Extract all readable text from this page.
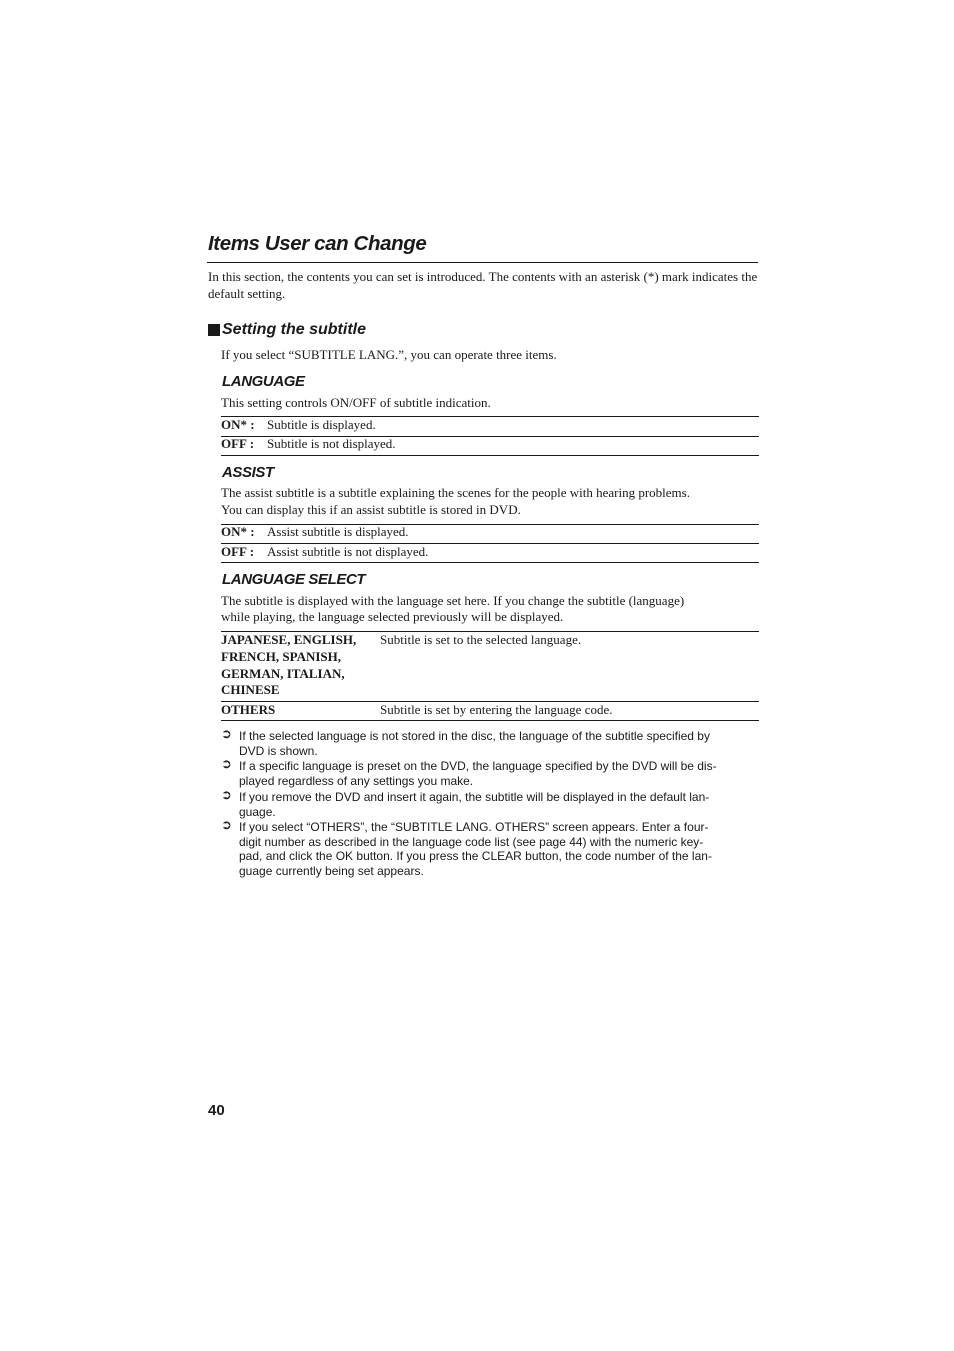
Items User can Change

In this section, the contents you can set is introduced. The contents with an asterisk (*) mark indicates the default setting.

Setting the subtitle

If you select “SUBTITLE LANG.”, you can operate three items.

LANGUAGE

This setting controls ON/OFF of subtitle indication.

ON* : Subtitle is displayed.
OFF : Subtitle is not displayed.
ASSIST

The assist subtitle is a subtitle explaining the scenes for the people with hearing problems.

You can display this if an assist subtitle is stored in DVD.

ON* : Assist subtitle is displayed.
OFF : Assist subtitle is not displayed.
LANGUAGE SELECT

The subtitle is displayed with the language set here. If you change the subtitle (language)

while playing, the language selected previously will be displayed.

JAPANESE, ENGLISH,

FRENCH, SPANISH,

GERMAN, ITALIAN,

CHINESE

Subtitle is set to the selected language.

OTHERS	Subtitle is set by entering the language code.

➲ If the selected language is not stored in the disc, the language of the subtitle specified by
DVD is shown.
➲ If a specific language is preset on the DVD, the language specified by the DVD will be dis-
played regardless of any settings you make.
➲ If you remove the DVD and insert it again, the subtitle will be displayed in the default lan-
guage.
➲ If you select “OTHERS”, the “SUBTITLE LANG. OTHERS” screen appears. Enter a four-
digit number as described in the language code list (see page 44) with the numeric key-
pad, and click the OK button. If you press the CLEAR button, the code number of the lan-
guage currently being set appears.

40
